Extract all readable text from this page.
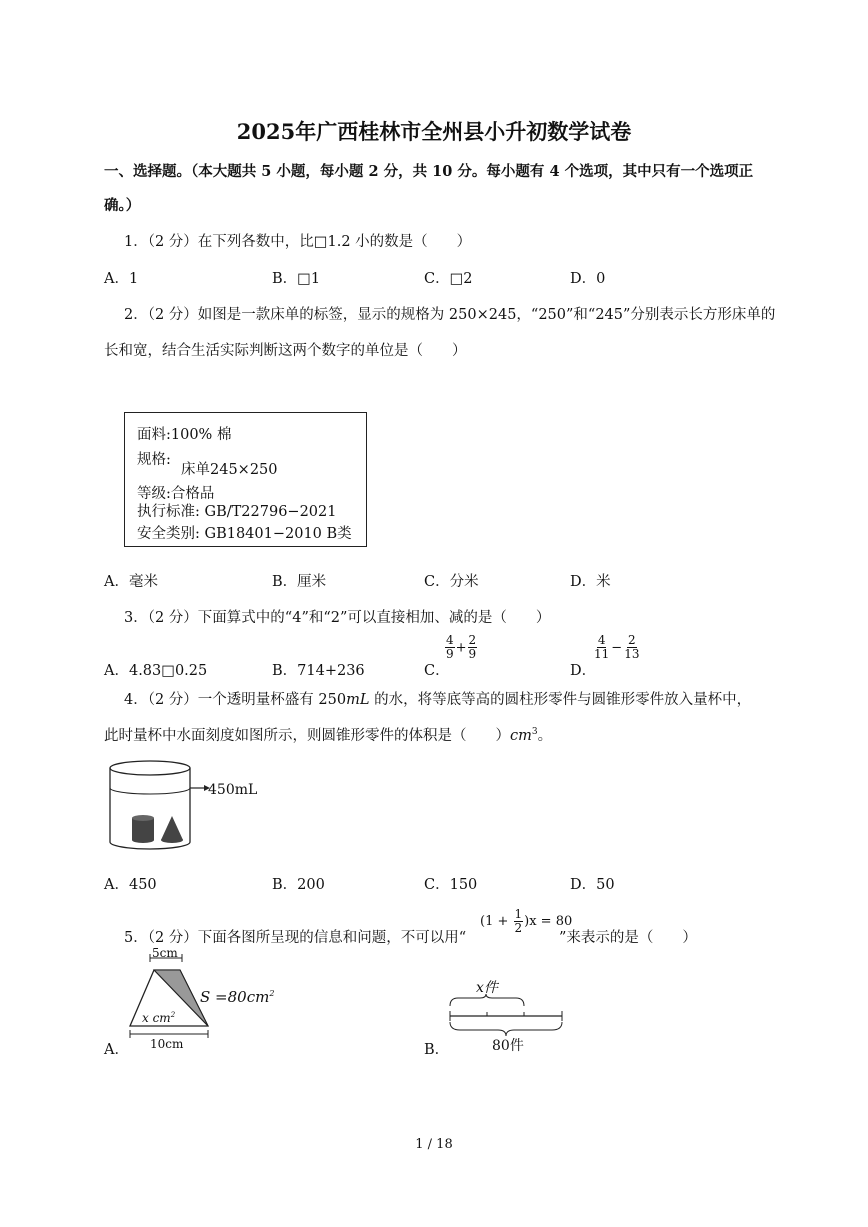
2025年广西桂林市全州县小升初数学试卷
一、选择题。（本大题共 5 小题，每小题 2 分，共 10 分。每小题有 4 个选项，其中只有一个选项正
确。）
1．（2 分）在下列各数中，比□1.2 小的数是（　　）
A．1	B．□1	C．□2	D．0
2．（2 分）如图是一款床单的标签，显示的规格为 250×245，“250”和“245”分别表示长方形床单的
长和宽，结合生活实际判断这两个数字的单位是（　　）
面料:100% 棉
规格:
床单245×250
等级:合格品
执行标准: GB/T22796−2021
安全类别: GB18401−2010 B类
A．毫米	B．厘米	C．分米	D．米
3．（2 分）下面算式中的“4”和“2”可以直接相加、减的是（　　）
A．4.83□0.25	B．714+236	C．
$\frac{4}{9} + \frac{2}{9}$
D．
$\frac{4}{11} - \frac{2}{13}$
4．（2 分）一个透明量杯盛有 250mL 的水，将等底等高的圆柱形零件与圆锥形零件放入量杯中，
此时量杯中水面刻度如图所示，则圆锥形零件的体积是（　　）$cm^3$。
450mL
A．450	B．200	C．150	D．50
5．（2 分）下面各图所呈现的信息和问题，不可以用“
$(1 + \frac{1}{2} )x = 80$
”来表示的是（　　）
A．
5cm
$S =80cm^2$
x $cm^2$
10cm	B．
x件
80件
1 / 18
